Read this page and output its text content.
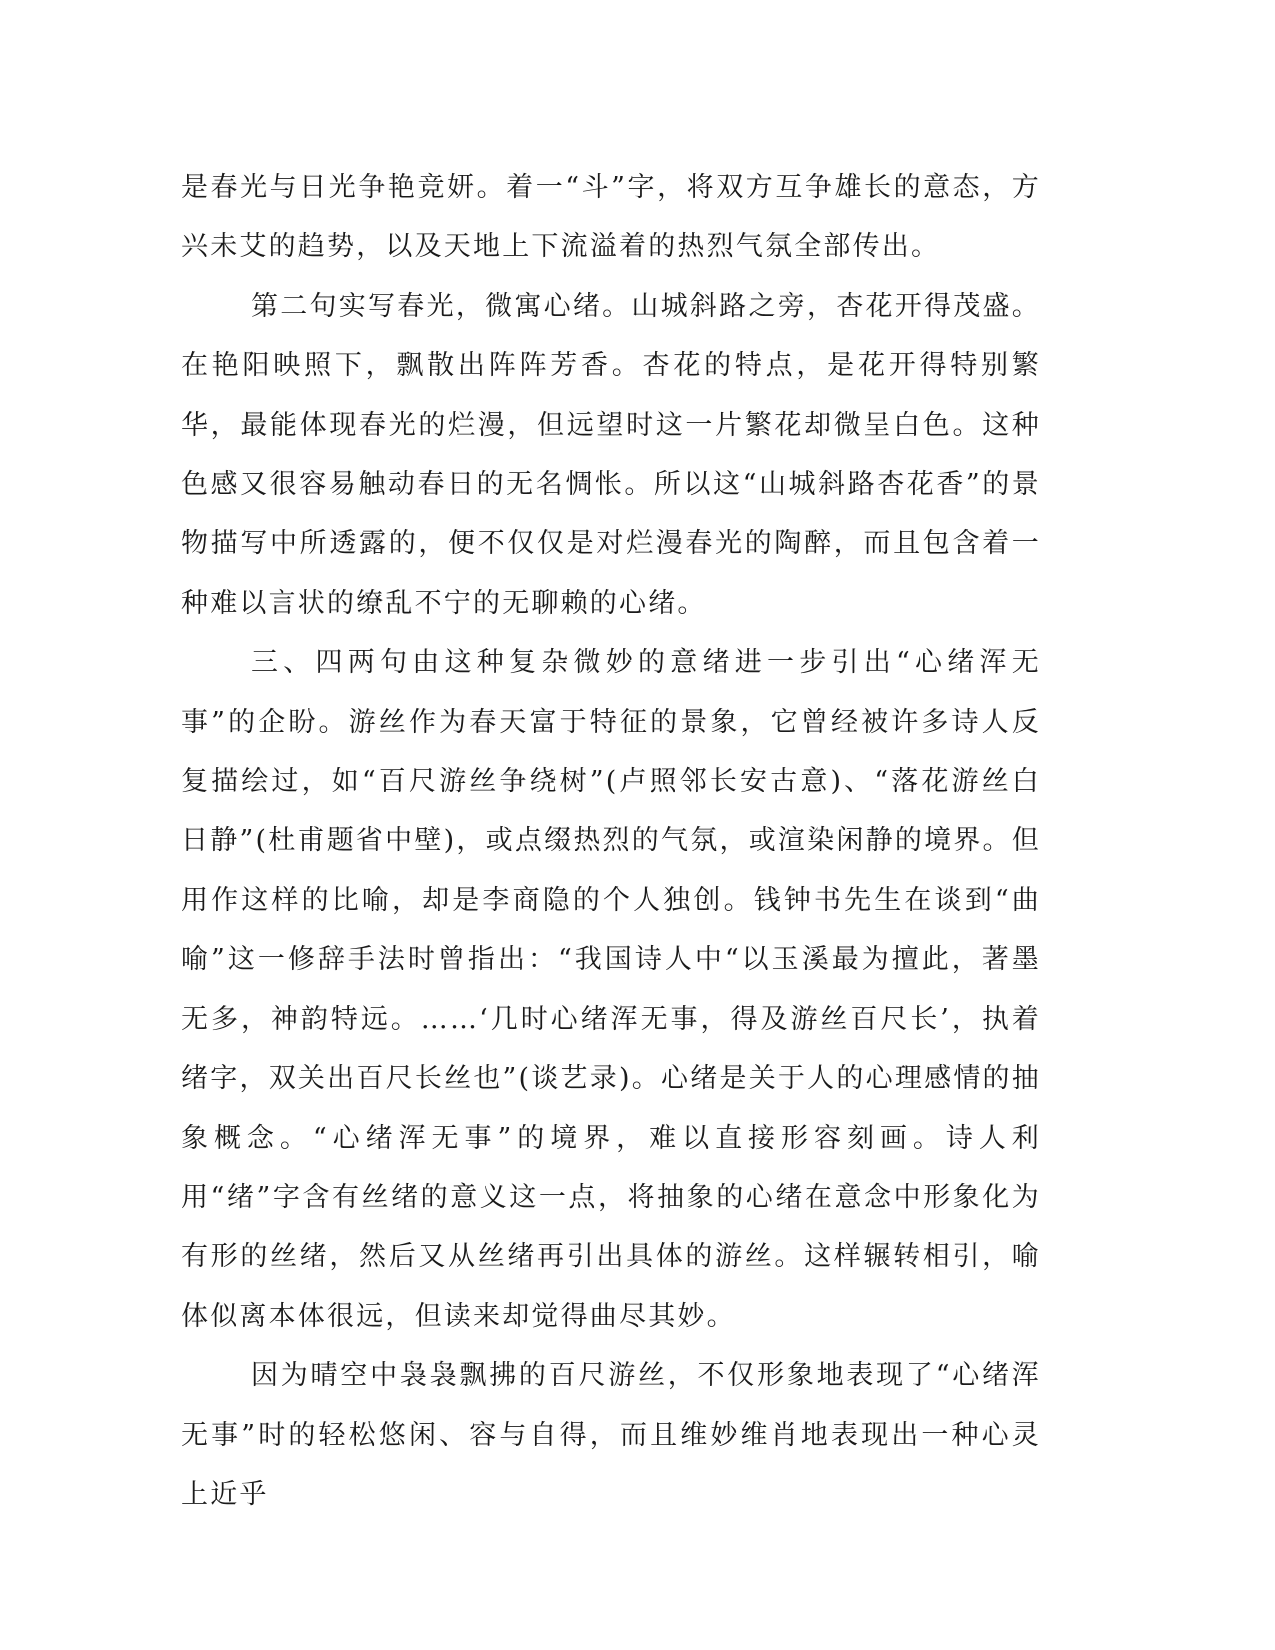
是春光与日光争艳竞妍。着一“斗”字，将双方互争雄长的意态，方兴未艾的趋势，以及天地上下流溢着的热烈气氛全部传出。

第二句实写春光，微寓心绪。山城斜路之旁，杏花开得茂盛。在艳阳映照下，飘散出阵阵芳香。杏花的特点，是花开得特别繁华，最能体现春光的烂漫，但远望时这一片繁花却微呈白色。这种色感又很容易触动春日的无名惆怅。所以这“山城斜路杏花香”的景物描写中所透露的，便不仅仅是对烂漫春光的陶醉，而且包含着一种难以言状的缭乱不宁的无聊赖的心绪。

三、四两句由这种复杂微妙的意绪进一步引出“心绪浑无事”的企盼。游丝作为春天富于特征的景象，它曾经被许多诗人反复描绘过，如“百尺游丝争绕树”(卢照邻长安古意)、“落花游丝白日静”(杜甫题省中壁)，或点缀热烈的气氛，或渲染闲静的境界。但用作这样的比喻，却是李商隐的个人独创。钱钟书先生在谈到“曲喻”这一修辞手法时曾指出：“我国诗人中“以玉溪最为擅此，著墨无多，神韵特远。……‘几时心绪浑无事，得及游丝百尺长’，执着绪字，双关出百尺长丝也”(谈艺录)。心绪是关于人的心理感情的抽象概念。“心绪浑无事”的境界，难以直接形容刻画。诗人利用“绪”字含有丝绪的意义这一点，将抽象的心绪在意念中形象化为有形的丝绪，然后又从丝绪再引出具体的游丝。这样辗转相引，喻体似离本体很远，但读来却觉得曲尽其妙。

因为晴空中袅袅飘拂的百尺游丝，不仅形象地表现了“心绪浑无事”时的轻松悠闲、容与自得，而且维妙维肖地表现出一种心灵上近乎
